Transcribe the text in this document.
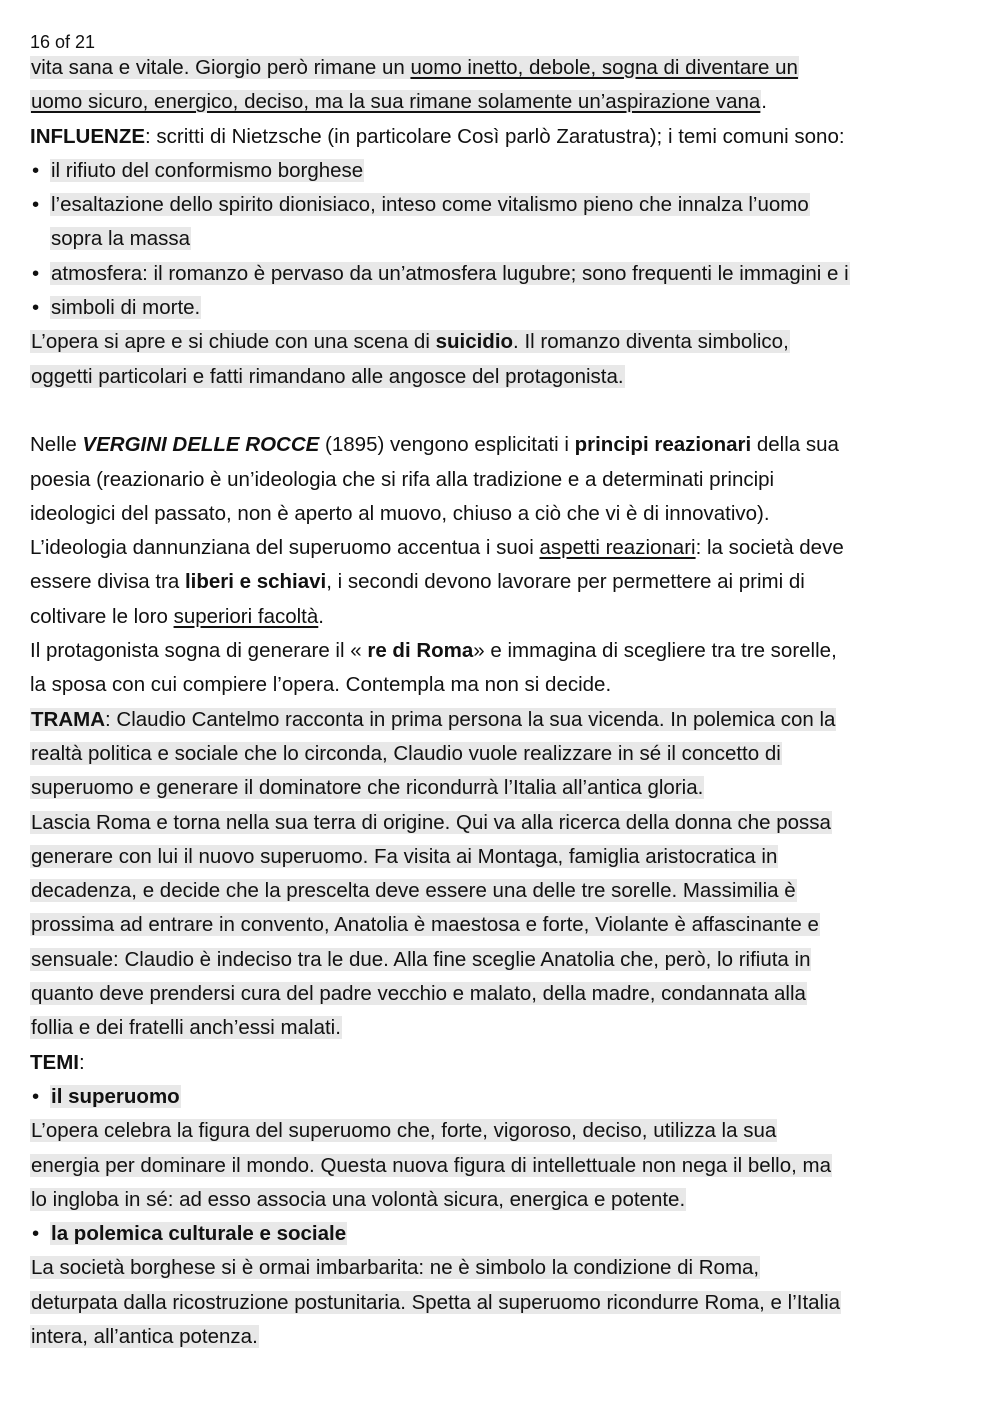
16 of 21
vita sana e vitale. Giorgio però rimane un uomo inetto, debole, sogna di diventare un
uomo sicuro, energico, deciso, ma la sua rimane solamente un’aspirazione vana.
INFLUENZE: scritti di Nietzsche (in particolare Così parlò Zaratustra); i temi comuni sono:
• il rifiuto del conformismo borghese
• l’esaltazione dello spirito dionisiaco, inteso come vitalismo pieno che innalza l’uomo
sopra la massa
• atmosfera: il romanzo è pervaso da un’atmosfera lugubre; sono frequenti le immagini e i
• simboli di morte.
L’opera si apre e si chiude con una scena di suicidio. Il romanzo diventa simbolico,
oggetti particolari e fatti rimandano alle angosce del protagonista.
Nelle VERGINI DELLE ROCCE (1895) vengono esplicitati i principi reazionari della sua
poesia (reazionario è un’ideologia che si rifa alla tradizione e a determinati principi
ideologici del passato, non è aperto al muovo, chiuso a ciò che vi è di innovativo).
L’ideologia dannunziana del superuomo accentua i suoi aspetti reazionari: la società deve
essere divisa tra liberi e schiavi, i secondi devono lavorare per permettere ai primi di
coltivare le loro superiori facoltà.
Il protagonista sogna di generare il « re di Roma» e immagina di scegliere tra tre sorelle,
la sposa con cui compiere l’opera. Contempla ma non si decide.
TRAMA: Claudio Cantelmo racconta in prima persona la sua vicenda. In polemica con la
realtà politica e sociale che lo circonda, Claudio vuole realizzare in sé il concetto di
superuomo e generare il dominatore che ricondurrà l’Italia all’antica gloria.
Lascia Roma e torna nella sua terra di origine. Qui va alla ricerca della donna che possa
generare con lui il nuovo superuomo. Fa visita ai Montaga, famiglia aristocratica in
decadenza, e decide che la prescelta deve essere una delle tre sorelle. Massimilia è
prossima ad entrare in convento, Anatolia è maestosa e forte, Violante è affascinante e
sensuale: Claudio è indeciso tra le due. Alla fine sceglie Anatolia che, però, lo rifiuta in
quanto deve prendersi cura del padre vecchio e malato, della madre, condannata alla
follia e dei fratelli anch’essi malati.
TEMI:
• il superuomo
L’opera celebra la figura del superuomo che, forte, vigoroso, deciso, utilizza la sua
energia per dominare il mondo. Questa nuova figura di intellettuale non nega il bello, ma
lo ingloba in sé: ad esso associa una volontà sicura, energica e potente.
• la polemica culturale e sociale
La società borghese si è ormai imbarbarita: ne è simbolo la condizione di Roma,
deturpata dalla ricostruzione postunitaria. Spetta al superuomo ricondurre Roma, e l’Italia
intera, all’antica potenza.
